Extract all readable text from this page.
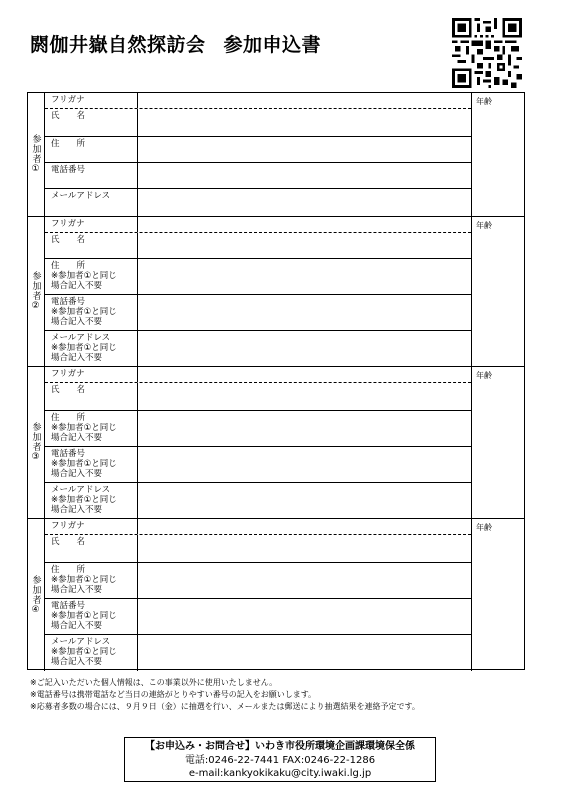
閼伽井嶽自然探訪会 参加申込書
参加者①
フリガナ
氏　　名
住　　所
電話番号
メールアドレス
年齢
参加者②
フリガナ
氏　　名
住　　所
※参加者①と同じ
場合記入不要
電話番号
※参加者①と同じ
場合記入不要
メールアドレス
※参加者①と同じ
場合記入不要
年齢
参加者③
フリガナ
氏　　名
住　　所
※参加者①と同じ
場合記入不要
電話番号
※参加者①と同じ
場合記入不要
メールアドレス
※参加者①と同じ
場合記入不要
年齢
参加者④
フリガナ
氏　　名
住　　所
※参加者①と同じ
場合記入不要
電話番号
※参加者①と同じ
場合記入不要
メールアドレス
※参加者①と同じ
場合記入不要
年齢
※ご記入いただいた個人情報は、この事業以外に使用いたしません。
※電話番号は携帯電話など当日の連絡がとりやすい番号の記入をお願いします。
※応募者多数の場合には、９月９日（金）に抽選を行い、メールまたは郵送により抽選結果を連絡予定です。
【お申込み・お問合せ】いわき市役所環境企画課環境保全係
電話:0246-22-7441 FAX:0246-22-1286
e-mail:kankyokikaku@city.iwaki.lg.jp
